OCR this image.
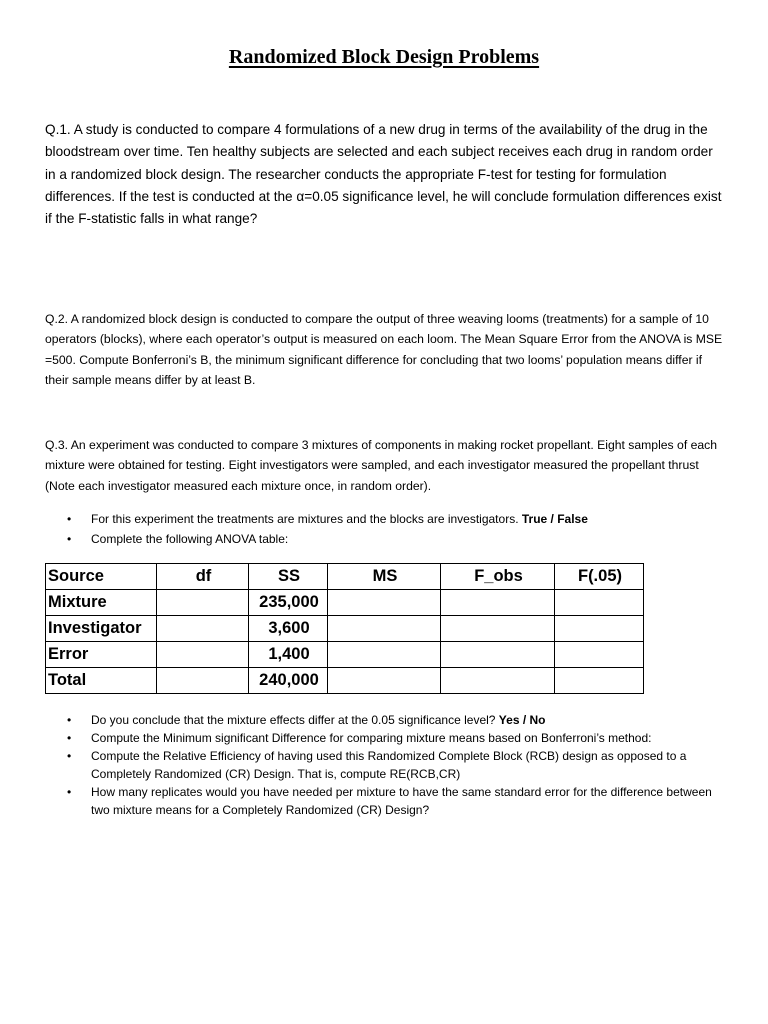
Randomized Block Design Problems

Q.1. A study is conducted to compare 4 formulations of a new drug in terms of the availability of the drug in the bloodstream over time. Ten healthy subjects are selected and each subject receives each drug in random order in a randomized block design. The researcher conducts the appropriate F-test for testing for formulation differences. If the test is conducted at the α=0.05 significance level, he will conclude formulation differences exist if the F-statistic falls in what range?

Q.2. A randomized block design is conducted to compare the output of three weaving looms (treatments) for a sample of 10 operators (blocks), where each operator’s output is measured on each loom. The Mean Square Error from the ANOVA is MSE =500. Compute Bonferroni’s B, the minimum significant difference for concluding that two looms’ population means differ if their sample means differ by at least B.

Q.3. An experiment was conducted to compare 3 mixtures of components in making rocket propellant. Eight samples of each mixture were obtained for testing. Eight investigators were sampled, and each investigator measured the propellant thrust (Note each investigator measured each mixture once, in random order).

• For this experiment the treatments are mixtures and the blocks are investigators. True / False
• Complete the following ANOVA table:
Source	df	SS	MS	F_obs	F(.05)
Mixture		235,000			
Investigator		3,600			
Error		1,400			
Total		240,000			
• Do you conclude that the mixture effects differ at the 0.05 significance level? Yes / No
• Compute the Minimum significant Difference for comparing mixture means based on Bonferroni’s method:
• Compute the Relative Efficiency of having used this Randomized Complete Block (RCB) design as opposed to a Completely Randomized (CR) Design. That is, compute RE(RCB,CR)
• How many replicates would you have needed per mixture to have the same standard error for the difference between two mixture means for a Completely Randomized (CR) Design?
